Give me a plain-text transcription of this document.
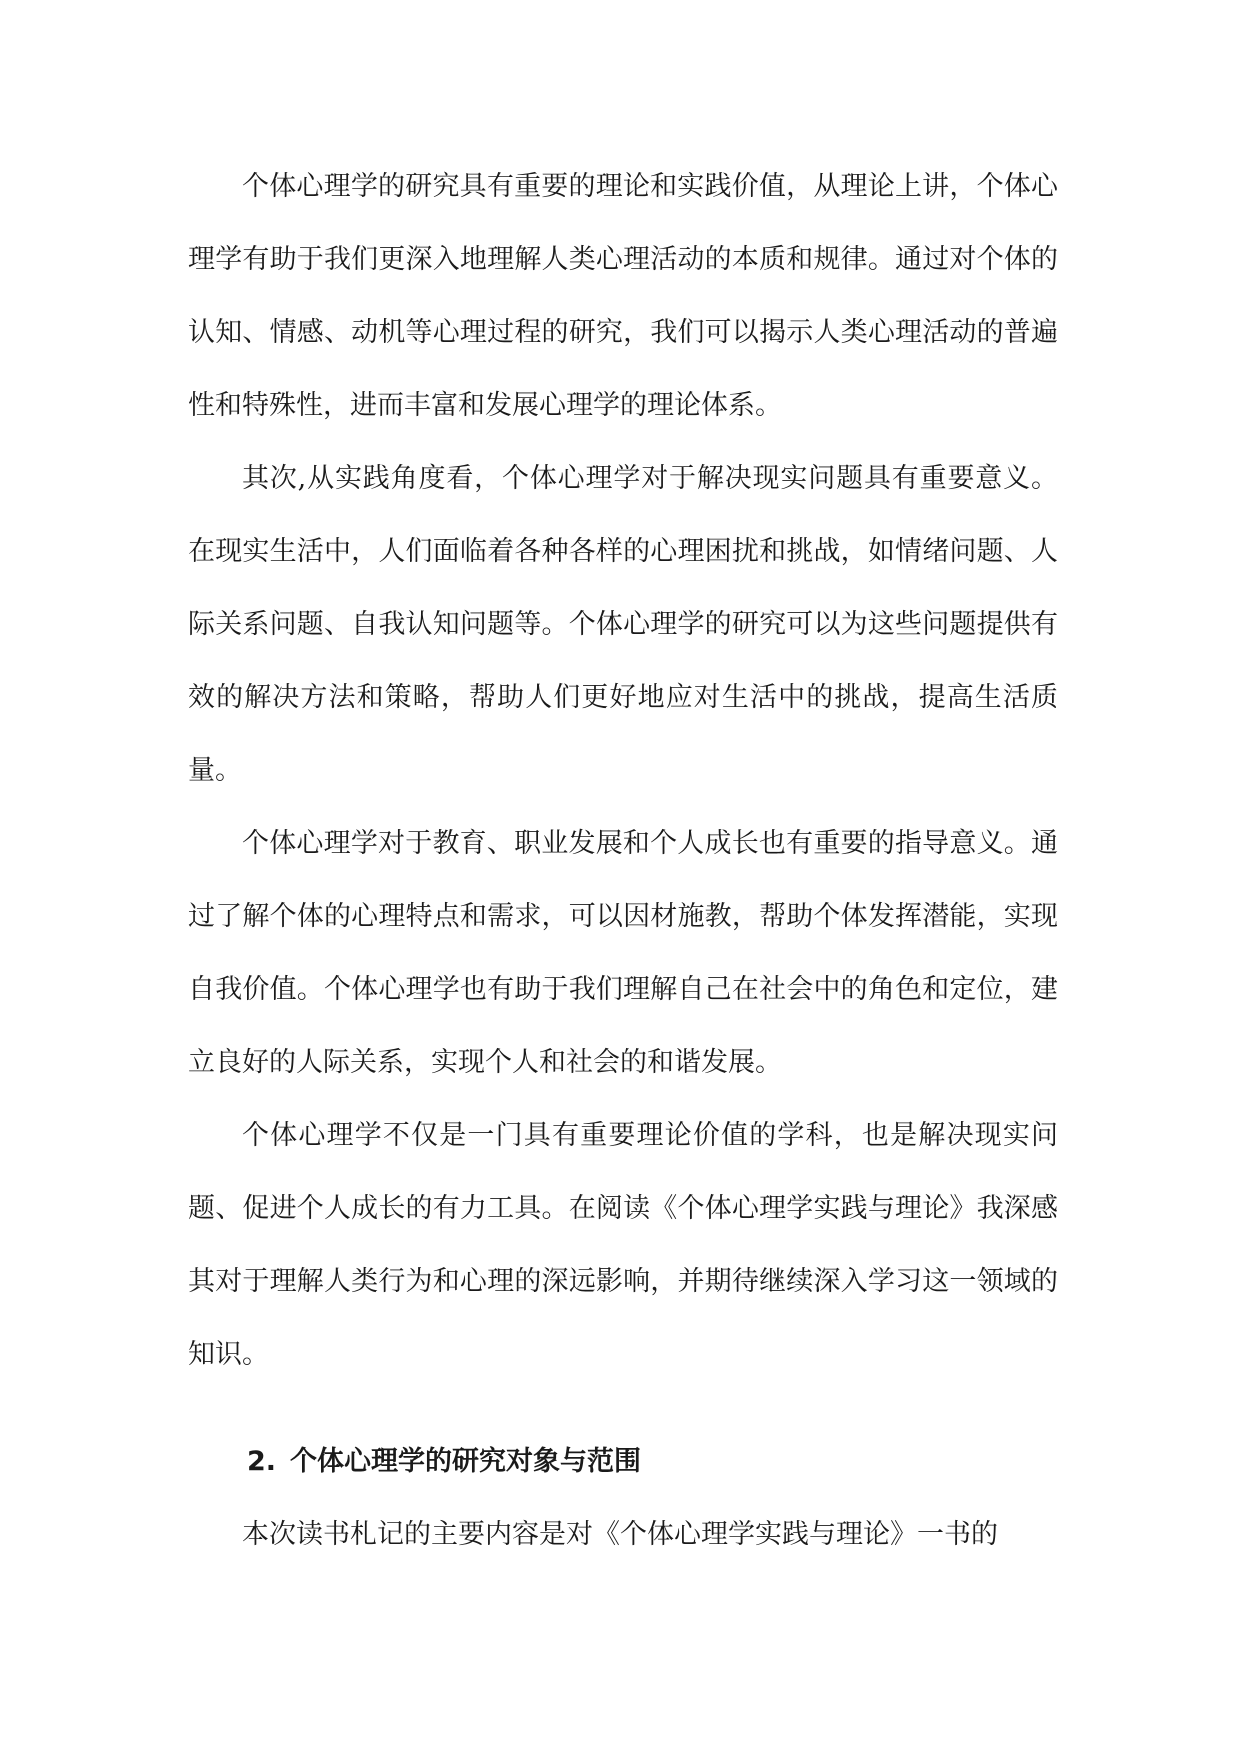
个体心理学的研究具有重要的理论和实践价值，从理论上讲，个体心理学有助于我们更深入地理解人类心理活动的本质和规律。通过对个体的认知、情感、动机等心理过程的研究，我们可以揭示人类心理活动的普遍性和特殊性，进而丰富和发展心理学的理论体系。

其次,从实践角度看，个体心理学对于解决现实问题具有重要意义。在现实生活中，人们面临着各种各样的心理困扰和挑战，如情绪问题、人际关系问题、自我认知问题等。个体心理学的研究可以为这些问题提供有效的解决方法和策略，帮助人们更好地应对生活中的挑战，提高生活质量。

个体心理学对于教育、职业发展和个人成长也有重要的指导意义。通过了解个体的心理特点和需求，可以因材施教，帮助个体发挥潜能，实现自我价值。个体心理学也有助于我们理解自己在社会中的角色和定位，建立良好的人际关系，实现个人和社会的和谐发展。

个体心理学不仅是一门具有重要理论价值的学科，也是解决现实问题、促进个人成长的有力工具。在阅读《个体心理学实践与理论》我深感其对于理解人类行为和心理的深远影响，并期待继续深入学习这一领域的知识。

2. 个体心理学的研究对象与范围

本次读书札记的主要内容是对《个体心理学实践与理论》一书的
